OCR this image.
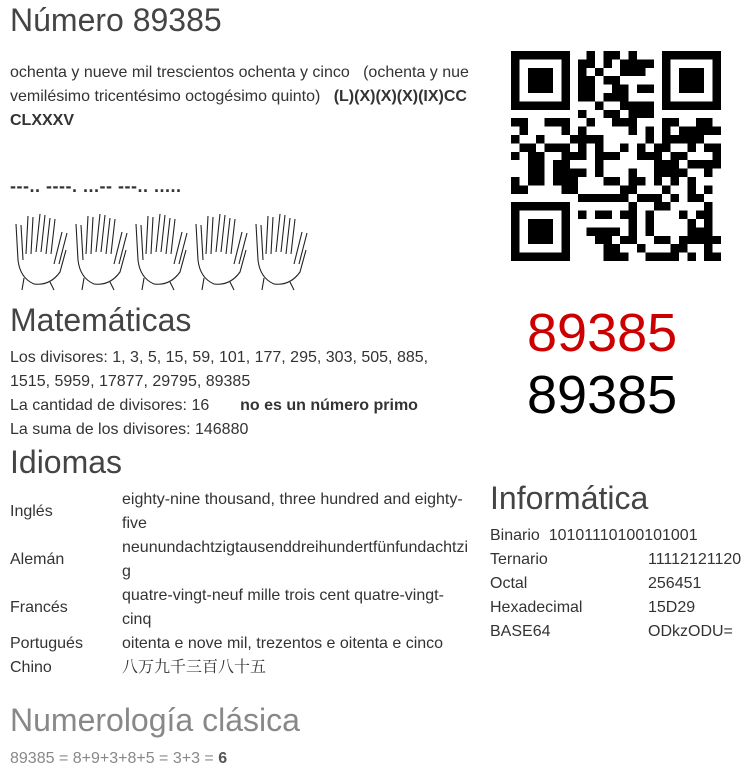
Número 89385
ochenta y nueve mil trescientos ochenta y cinco (ochenta y nue
vemilésimo tricentésimo octogésimo quinto) (L)(X)(X)(X)(IX)CC
CLXXXV
---.. ----. ...-- ---.. .....
89385
89385
Matemáticas
Los divisores: 1, 3, 5, 15, 59, 101, 177, 295, 303, 505, 885,
1515, 5959, 17877, 29795, 89385
La cantidad de divisores: 16 no es un número primo
La suma de los divisores: 146880
Idiomas
Inglés	eighty-nine thousand, three hundred and eighty-
five

Alemán	neunundachtzigtausenddreihundertfünfundachtzi
g

Francés	quatre-vingt-neuf mille trois cent quatre-vingt-
cinq

Portugués	oitenta e nove mil, trezentos e oitenta e cinco
Chino	八万九千三百八十五
Informática
Binario 10101110100101001
Ternario	11112121120
Octal	256451
Hexadecimal	15D29
BASE64	ODkzODU=
Numerología clásica
89385 = 8+9+3+8+5 = 3+3 = 6
